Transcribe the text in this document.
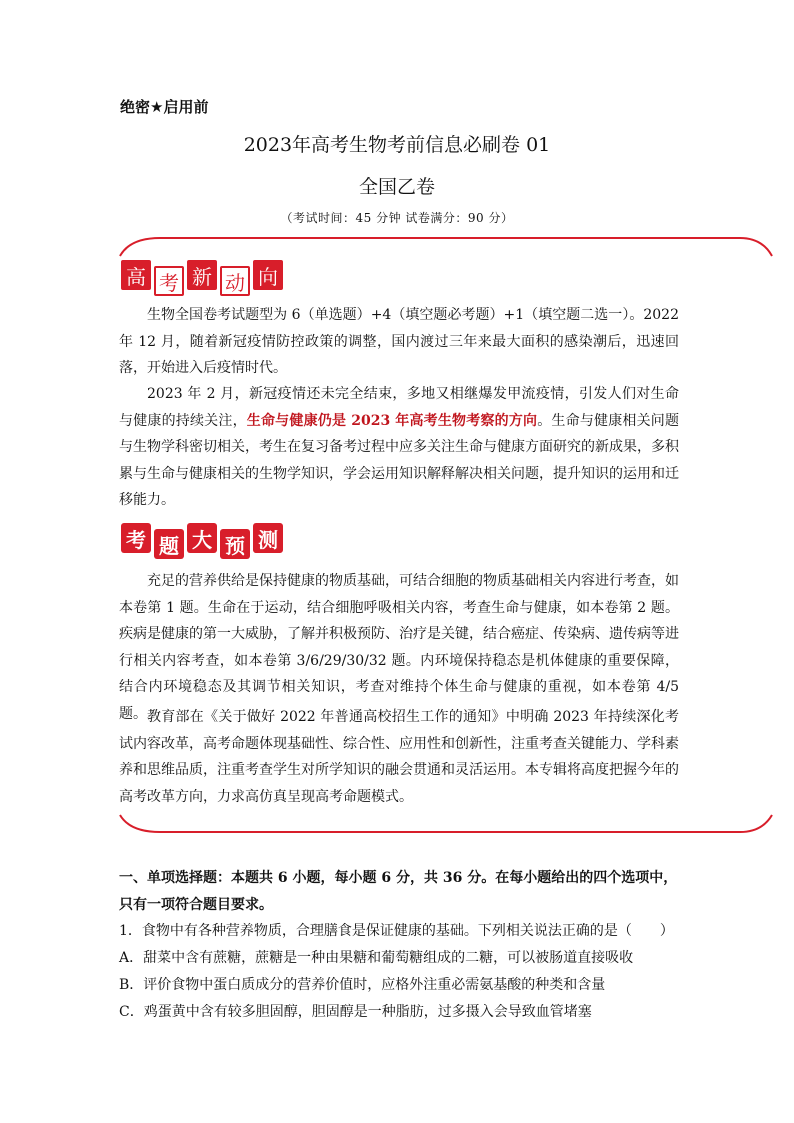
绝密★启用前
2023年高考生物考前信息必刷卷 01
全国乙卷
（考试时间：45 分钟 试卷满分：90 分）
高 考 新 动 向

生物全国卷考试题型为 6（单选题）+4（填空题必考题）+1（填空题二选一）。2022 年 12 月，随着新冠疫情防控政策的调整，国内渡过三年来最大面积的感染潮后，迅速回落，开始进入后疫情时代。

2023 年 2 月，新冠疫情还未完全结束，多地又相继爆发甲流疫情，引发人们对生命与健康的持续关注，生命与健康仍是 2023 年高考生物考察的方向。生命与健康相关问题与生物学科密切相关，考生在复习备考过程中应多关注生命与健康方面研究的新成果，多积累与生命与健康相关的生物学知识，学会运用知识解释解决相关问题，提升知识的运用和迁移能力。

考 题 大 预 测

充足的营养供给是保持健康的物质基础，可结合细胞的物质基础相关内容进行考查，如本卷第 1 题。生命在于运动，结合细胞呼吸相关内容，考查生命与健康，如本卷第 2 题。疾病是健康的第一大威胁，了解并积极预防、治疗是关键，结合癌症、传染病、遗传病等进行相关内容考查，如本卷第 3/6/29/30/32 题。内环境保持稳态是机体健康的重要保障，结合内环境稳态及其调节相关知识，考查对维持个体生命与健康的重视，如本卷第 4/5 题。 教育部在《关于做好 2022 年普通高校招生工作的通知》中明确 2023 年持续深化考试内容改革，高考命题体现基础性、综合性、应用性和创新性，注重考查关键能力、学科素养和思维品质，注重考查学生对所学知识的融会贯通和灵活运用。本专辑将高度把握今年的高考改革方向，力求高仿真呈现高考命题模式。

一、单项选择题：本题共 6 小题，每小题 6 分，共 36 分。在每小题给出的四个选项中，只有一项符合题目要求。

1．食物中有各种营养物质，合理膳食是保证健康的基础。下列相关说法正确的是（　　）

A．甜菜中含有蔗糖，蔗糖是一种由果糖和葡萄糖组成的二糖，可以被肠道直接吸收

B．评价食物中蛋白质成分的营养价值时，应格外注重必需氨基酸的种类和含量

C．鸡蛋黄中含有较多胆固醇，胆固醇是一种脂肪，过多摄入会导致血管堵塞
